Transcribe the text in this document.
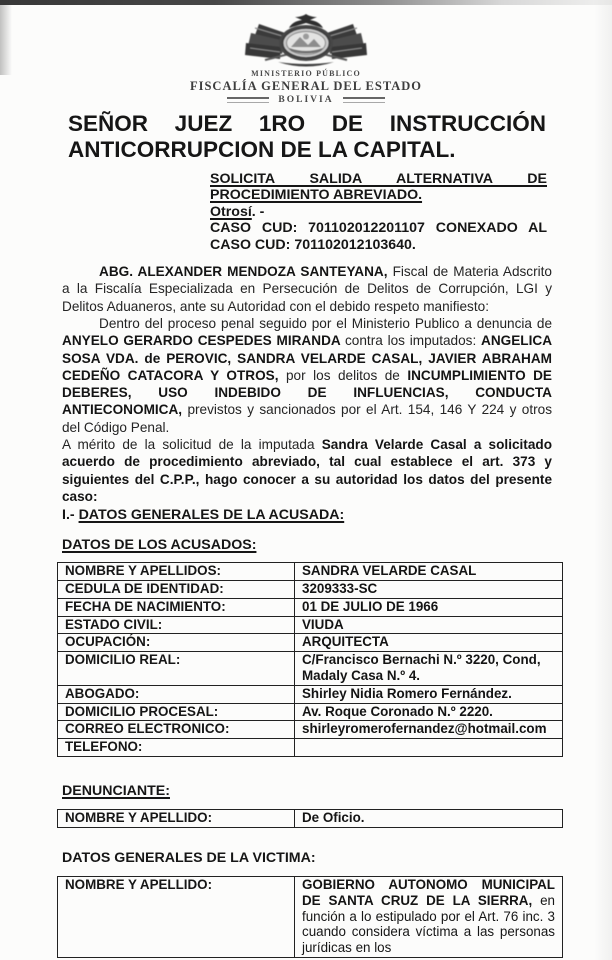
MINISTERIO PÚBLICO
FISCALÍA GENERAL DEL ESTADO
BOLIVIA
SEÑOR JUEZ 1RO DE INSTRUCCIÓN
ANTICORRUPCION DE LA CAPITAL.
SOLICITA SALIDA ALTERNATIVA DE
PROCEDIMIENTO ABREVIADO.
Otrosí. -
CASO CUD: 701102012201107 CONEXADO AL
CASO CUD: 701102012103640.

ABG. ALEXANDER MENDOZA SANTEYANA, Fiscal de Materia Adscrito a la Fiscalía Especializada en Persecución de Delitos de Corrupción, LGI y Delitos Aduaneros, ante su Autoridad con el debido respeto manifiesto:

Dentro del proceso penal seguido por el Ministerio Publico a denuncia de ANYELO GERARDO CESPEDES MIRANDA contra los imputados: ANGELICA SOSA VDA. de PEROVIC, SANDRA VELARDE CASAL, JAVIER ABRAHAM CEDEÑO CATACORA Y OTROS, por los delitos de INCUMPLIMIENTO DE DEBERES, USO INDEBIDO DE INFLUENCIAS, CONDUCTA ANTIECONOMICA, previstos y sancionados por el Art. 154, 146 Y 224 y otros del Código Penal.

A mérito de la solicitud de la imputada Sandra Velarde Casal a solicitado acuerdo de procedimiento abreviado, tal cual establece el art. 373 y siguientes del C.P.P., hago conocer a su autoridad los datos del presente caso:

I.- DATOS GENERALES DE LA ACUSADA:
DATOS DE LOS ACUSADOS:
NOMBRE Y APELLIDOS:	SANDRA VELARDE CASAL
CEDULA DE IDENTIDAD:	3209333-SC
FECHA DE NACIMIENTO:	01 DE JULIO DE 1966
ESTADO CIVIL:	VIUDA
OCUPACIÓN:	ARQUITECTA
DOMICILIO REAL:	C/Francisco Bernachi N.º 3220, Cond, Madaly Casa N.º 4.
ABOGADO:	Shirley Nidia Romero Fernández.
DOMICILIO PROCESAL:	Av. Roque Coronado N.º 2220.
CORREO ELECTRONICO:	shirleyromerofernandez@hotmail.com
TELEFONO:	
DENUNCIANTE:
NOMBRE Y APELLIDO:	De Oficio.
DATOS GENERALES DE LA VICTIMA:
NOMBRE Y APELLIDO:	GOBIERNO AUTONOMO MUNICIPAL DE SANTA CRUZ DE LA SIERRA, en función a lo estipulado por el Art. 76 inc. 3 cuando considera víctima a las personas jurídicas en los
